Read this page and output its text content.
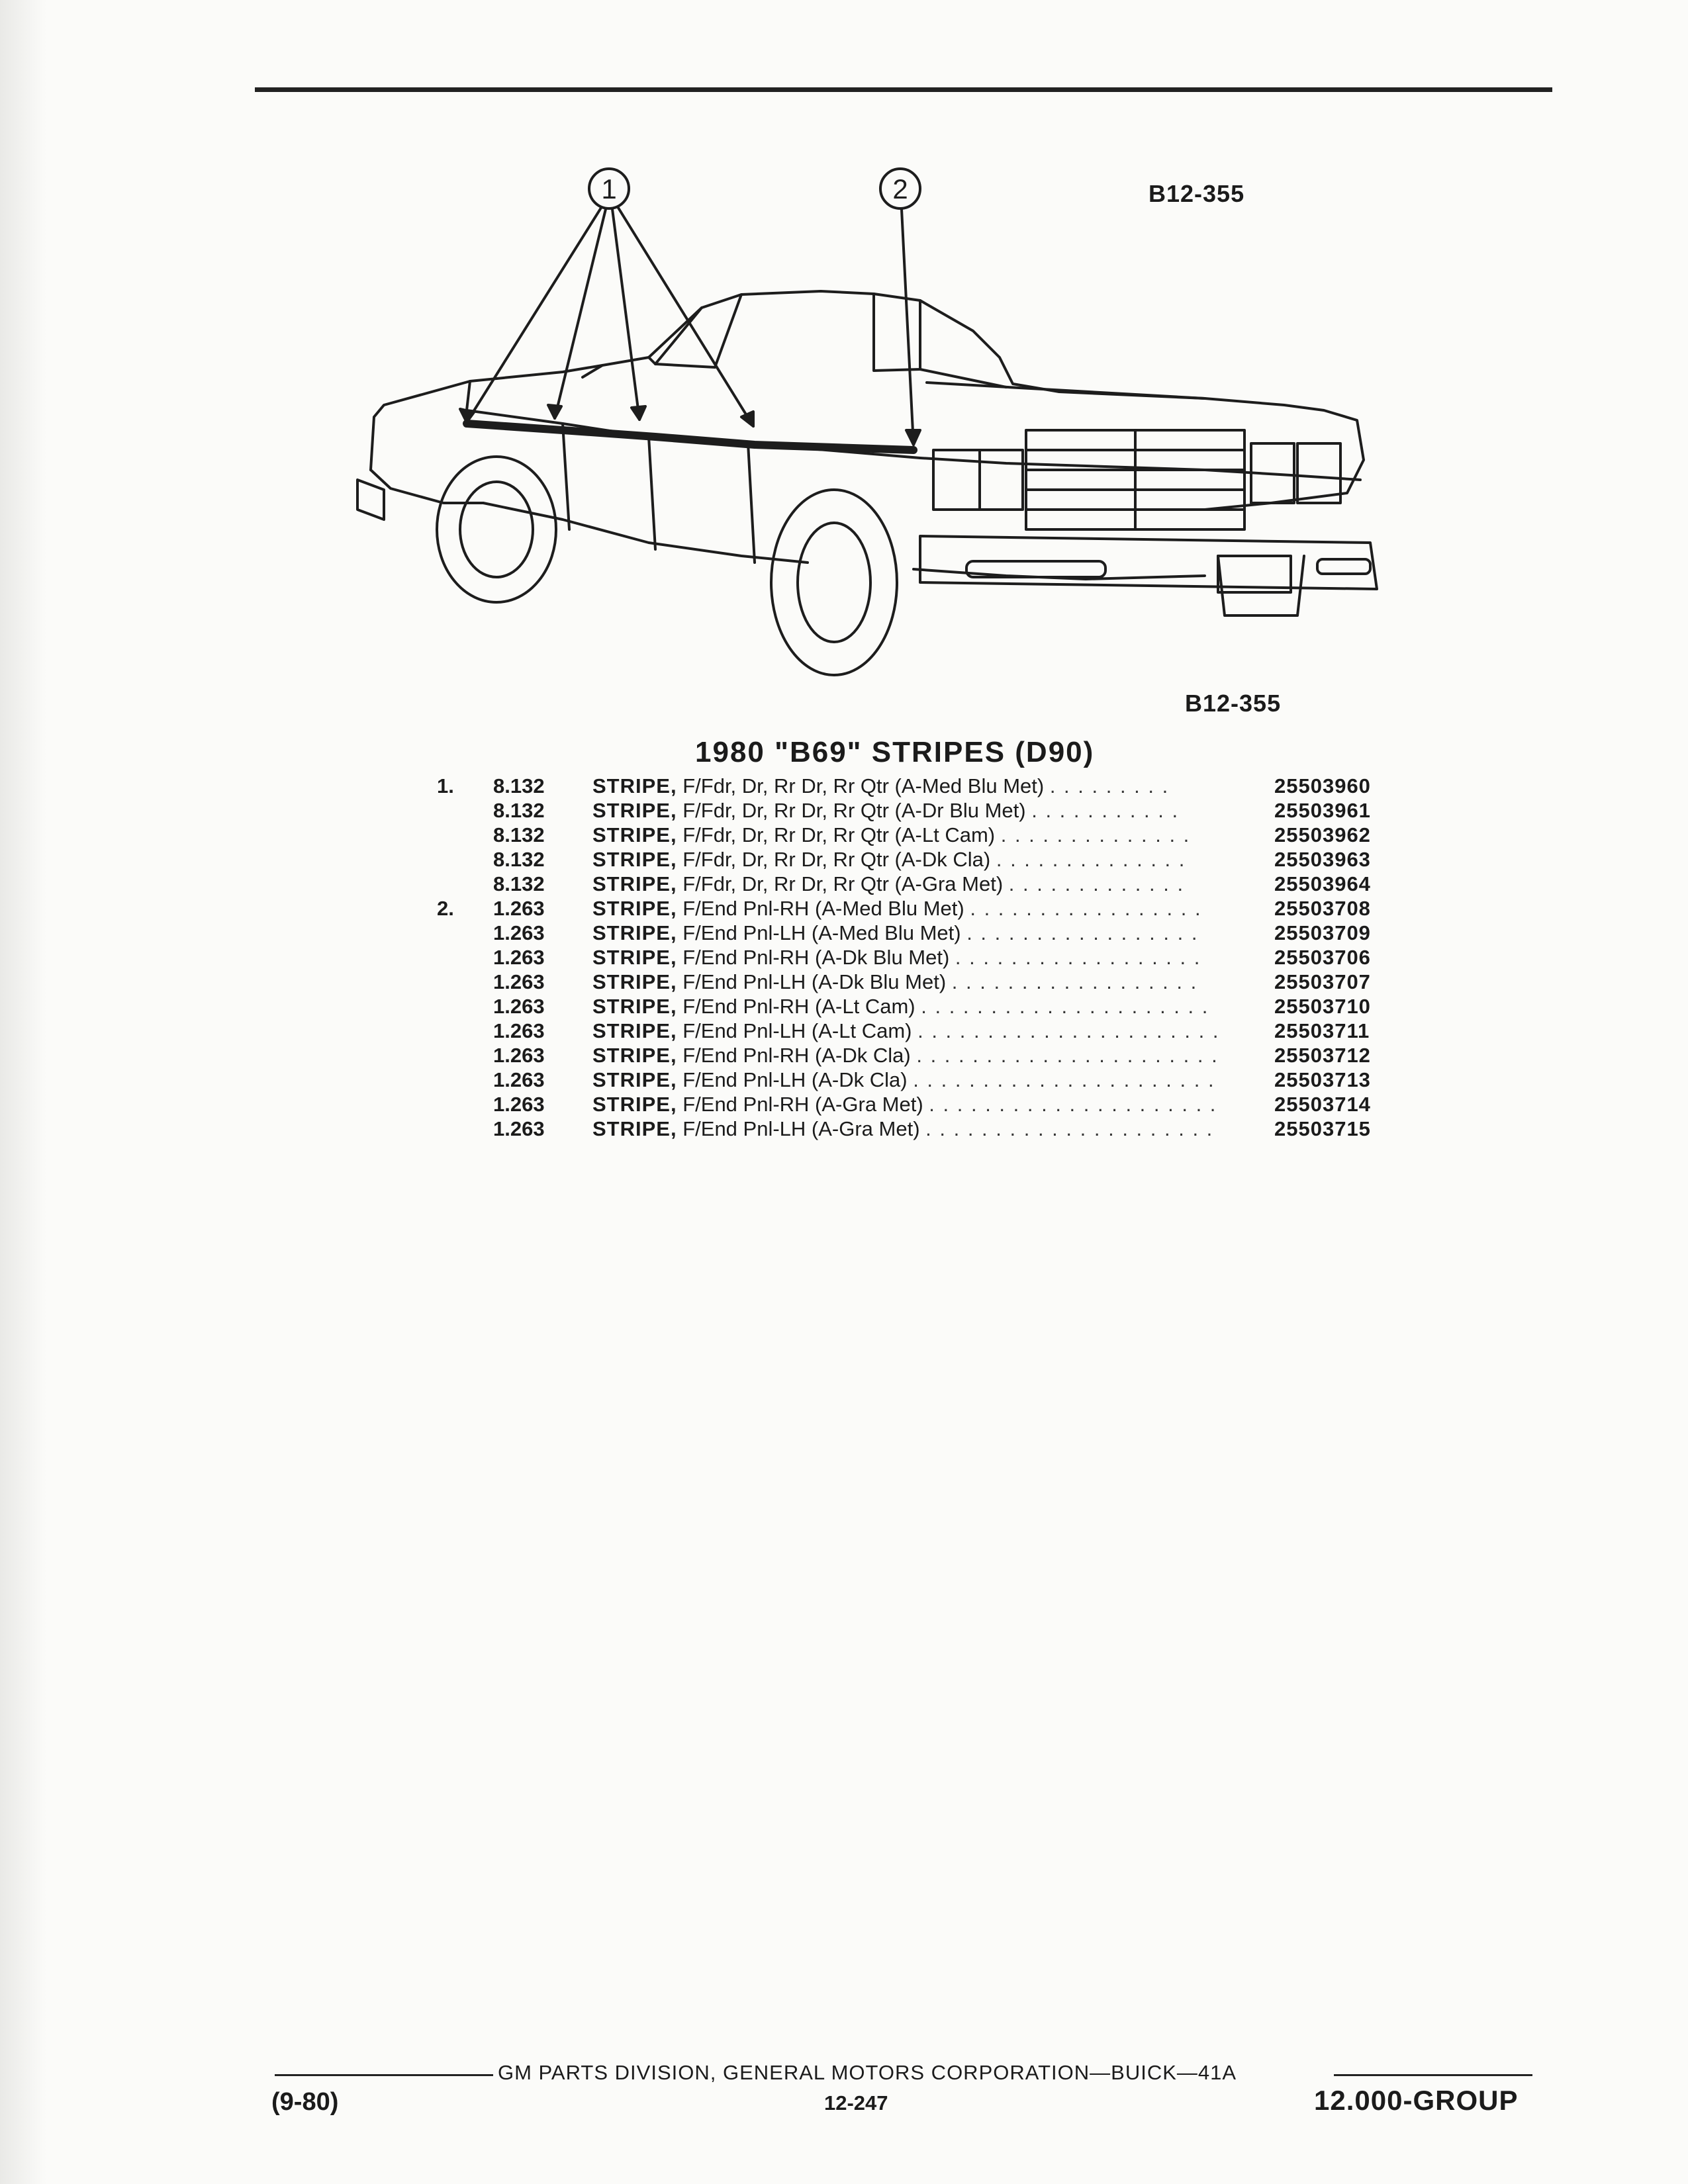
B12-355
1	2
B12-355
1980 "B69" STRIPES (D90)
1.	8.132	STRIPE, F/Fdr, Dr, Rr Dr, Rr Qtr (A-Med Blu Met) . . . . . . . . .	25503960
8.132	STRIPE, F/Fdr, Dr, Rr Dr, Rr Qtr (A-Dr Blu Met) . . . . . . . . . . .	25503961
8.132	STRIPE, F/Fdr, Dr, Rr Dr, Rr Qtr (A-Lt Cam) . . . . . . . . . . . . . .	25503962
8.132	STRIPE, F/Fdr, Dr, Rr Dr, Rr Qtr (A-Dk Cla) . . . . . . . . . . . . . .	25503963
8.132	STRIPE, F/Fdr, Dr, Rr Dr, Rr Qtr (A-Gra Met) . . . . . . . . . . . . .	25503964
2.	1.263	STRIPE, F/End Pnl-RH (A-Med Blu Met) . . . . . . . . . . . . . . . . .	25503708
1.263	STRIPE, F/End Pnl-LH (A-Med Blu Met) . . . . . . . . . . . . . . . . .	25503709
1.263	STRIPE, F/End Pnl-RH (A-Dk Blu Met) . . . . . . . . . . . . . . . . . .	25503706
1.263	STRIPE, F/End Pnl-LH (A-Dk Blu Met) . . . . . . . . . . . . . . . . . .	25503707
1.263	STRIPE, F/End Pnl-RH (A-Lt Cam) . . . . . . . . . . . . . . . . . . . . .	25503710
1.263	STRIPE, F/End Pnl-LH (A-Lt Cam) . . . . . . . . . . . . . . . . . . . . . .	25503711
1.263	STRIPE, F/End Pnl-RH (A-Dk Cla) . . . . . . . . . . . . . . . . . . . . . .	25503712
1.263	STRIPE, F/End Pnl-LH (A-Dk Cla) . . . . . . . . . . . . . . . . . . . . . .	25503713
1.263	STRIPE, F/End Pnl-RH (A-Gra Met) . . . . . . . . . . . . . . . . . . . . .	25503714
1.263	STRIPE, F/End Pnl-LH (A-Gra Met) . . . . . . . . . . . . . . . . . . . . .	25503715
GM PARTS DIVISION, GENERAL MOTORS CORPORATION—BUICK—41A
(9-80)	12-247	12.000-GROUP
